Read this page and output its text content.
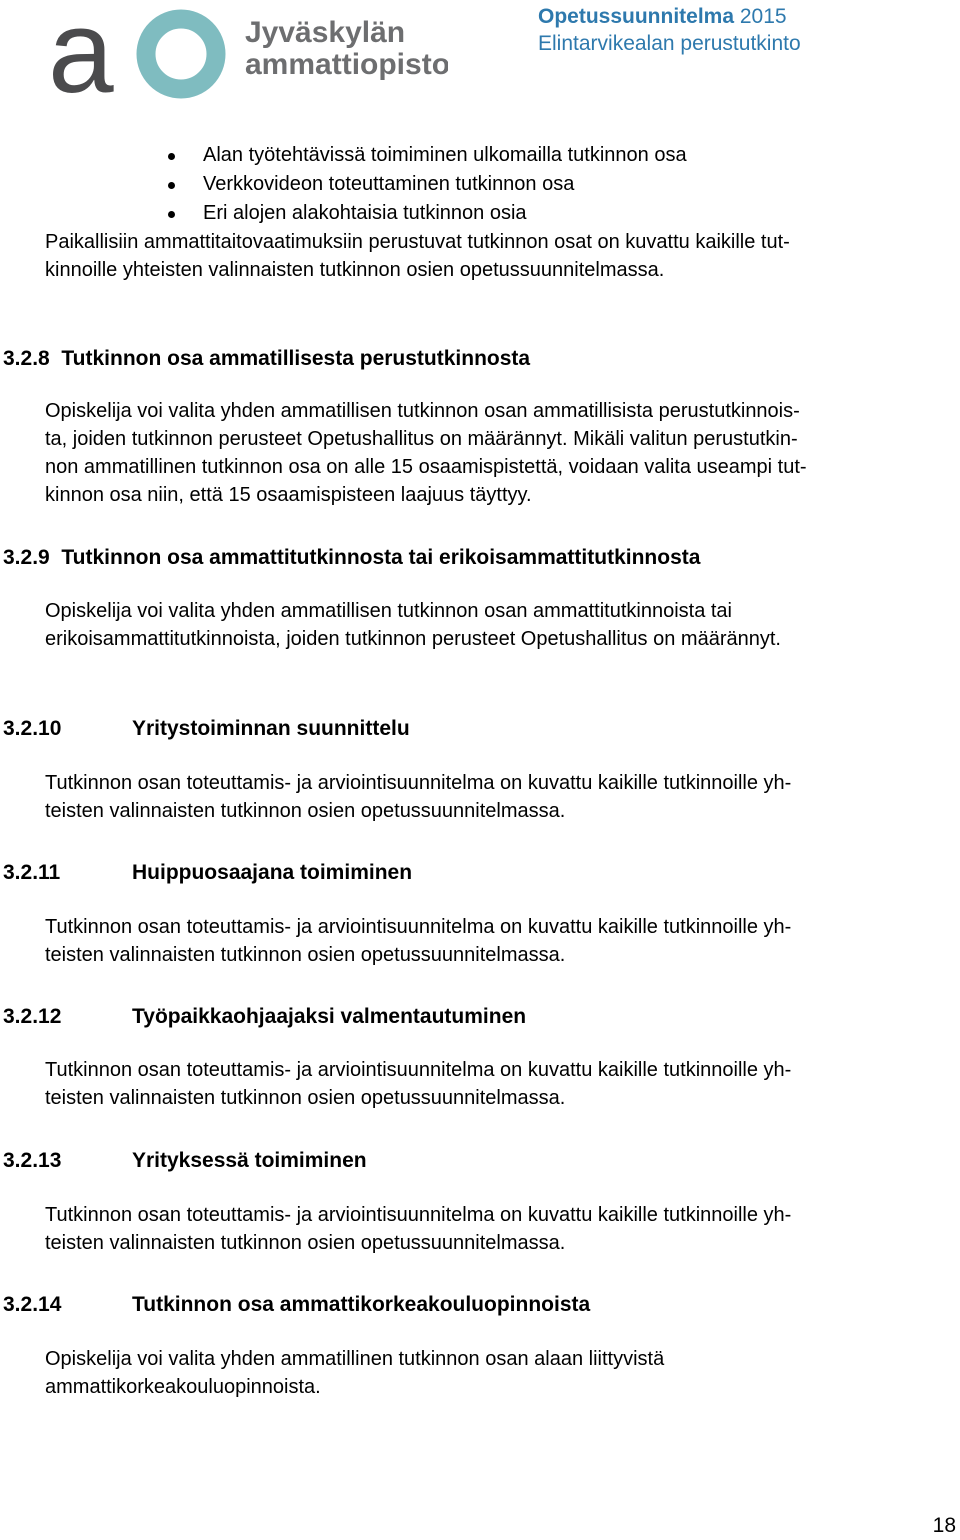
a	Jyväskylän
ammattiopisto
Opetussuunnitelma 2015
Elintarvikealan perustutkinto
Alan työtehtävissä toimiminen ulkomailla tutkinnon osa
Verkkovideon toteuttaminen tutkinnon osa
Eri alojen alakohtaisia tutkinnon osia
Paikallisiin ammattitaitovaatimuksiin perustuvat tutkinnon osat on kuvattu kaikille tut-
kinnoille yhteisten valinnaisten tutkinnon osien opetussuunnitelmassa.
3.2.8 Tutkinnon osa ammatillisesta perustutkinnosta
Opiskelija voi valita yhden ammatillisen tutkinnon osan ammatillisista perustutkinnois-
ta, joiden tutkinnon perusteet Opetushallitus on määrännyt. Mikäli valitun perustutkin-
non ammatillinen tutkinnon osa on alle 15 osaamispistettä, voidaan valita useampi tut-
kinnon osa niin, että 15 osaamispisteen laajuus täyttyy.
3.2.9 Tutkinnon osa ammattitutkinnosta tai erikoisammattitutkinnosta
Opiskelija voi valita yhden ammatillisen tutkinnon osan ammattitutkinnoista tai
erikoisammattitutkinnoista, joiden tutkinnon perusteet Opetushallitus on määrännyt.
3.2.10	Yritystoiminnan suunnittelu
Tutkinnon osan toteuttamis- ja arviointisuunnitelma on kuvattu kaikille tutkinnoille yh-
teisten valinnaisten tutkinnon osien opetussuunnitelmassa.
3.2.11	Huippuosaajana toimiminen
Tutkinnon osan toteuttamis- ja arviointisuunnitelma on kuvattu kaikille tutkinnoille yh-
teisten valinnaisten tutkinnon osien opetussuunnitelmassa.
3.2.12	Työpaikkaohjaajaksi valmentautuminen
Tutkinnon osan toteuttamis- ja arviointisuunnitelma on kuvattu kaikille tutkinnoille yh-
teisten valinnaisten tutkinnon osien opetussuunnitelmassa.
3.2.13	Yrityksessä toimiminen
Tutkinnon osan toteuttamis- ja arviointisuunnitelma on kuvattu kaikille tutkinnoille yh-
teisten valinnaisten tutkinnon osien opetussuunnitelmassa.
3.2.14	Tutkinnon osa ammattikorkeakouluopinnoista
Opiskelija voi valita yhden ammatillinen tutkinnon osan alaan liittyvistä
ammattikorkeakouluopinnoista.
18
